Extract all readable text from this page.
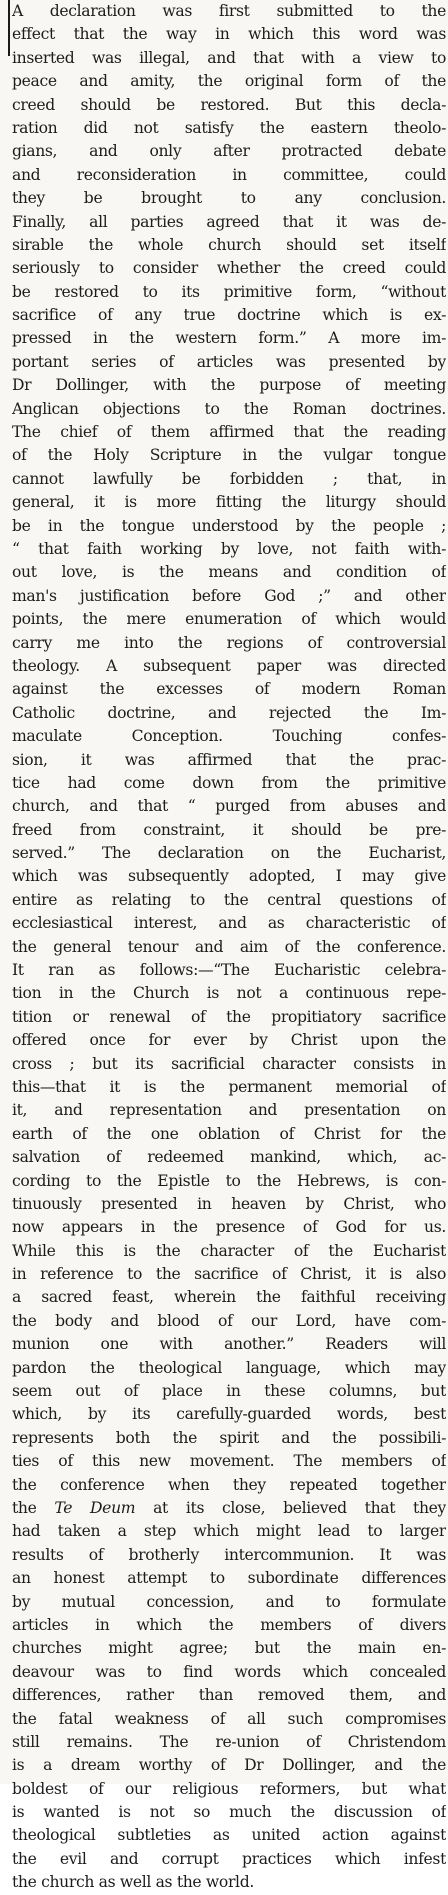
A declaration was first submitted to the
effect that the way in which this word was
inserted was illegal, and that with a view to
peace and amity, the original form of the
creed should be restored. But this decla-
ration did not satisfy the eastern theolo-
gians, and only after protracted debate
and reconsideration in committee, could
they be brought to any conclusion.
Finally, all parties agreed that it was de-
sirable the whole church should set itself
seriously to consider whether the creed could
be restored to its primitive form, “without
sacrifice of any true doctrine which is ex-
pressed in the western form.” A more im-
portant series of articles was presented by
Dr Dollinger, with the purpose of meeting
Anglican objections to the Roman doctrines.
The chief of them affirmed that the reading
of the Holy Scripture in the vulgar tongue
cannot lawfully be forbidden ; that, in
general, it is more fitting the liturgy should
be in the tongue understood by the people ;
“ that faith working by love, not faith with-
out love, is the means and condition of
man's justification before God ;” and other
points, the mere enumeration of which would
carry me into the regions of controversial
theology. A subsequent paper was directed
against the excesses of modern Roman
Catholic doctrine, and rejected the Im-
maculate Conception. Touching confes-
sion, it was affirmed that the prac-
tice had come down from the primitive
church, and that “ purged from abuses and
freed from constraint, it should be pre-
served.” The declaration on the Eucharist,
which was subsequently adopted, I may give
entire as relating to the central questions of
ecclesiastical interest, and as characteristic of
the general tenour and aim of the conference.
It ran as follows:—“The Eucharistic celebra-
tion in the Church is not a continuous repe-
tition or renewal of the propitiatory sacrifice
offered once for ever by Christ upon the
cross ; but its sacrificial character consists in
this—that it is the permanent memorial of
it, and representation and presentation on
earth of the one oblation of Christ for the
salvation of redeemed mankind, which, ac-
cording to the Epistle to the Hebrews, is con-
tinuously presented in heaven by Christ, who
now appears in the presence of God for us.
While this is the character of the Eucharist
in reference to the sacrifice of Christ, it is also
a sacred feast, wherein the faithful receiving
the body and blood of our Lord, have com-
munion one with another.” Readers will
pardon the theological language, which may
seem out of place in these columns, but
which, by its carefully-guarded words, best
represents both the spirit and the possibili-
ties of this new movement. The members of
the conference when they repeated together
the Te Deum at its close, believed that they
had taken a step which might lead to larger
results of brotherly intercommunion. It was
an honest attempt to subordinate differences
by mutual concession, and to formulate
articles in which the members of divers
churches might agree; but the main en-
deavour was to find words which concealed
differences, rather than removed them, and
the fatal weakness of all such compromises
still remains. The re-union of Christendom
is a dream worthy of Dr Dollinger, and the
boldest of our religious reformers, but what
is wanted is not so much the discussion of
theological subtleties as united action against
the evil and corrupt practices which infest
the church as well as the world.
